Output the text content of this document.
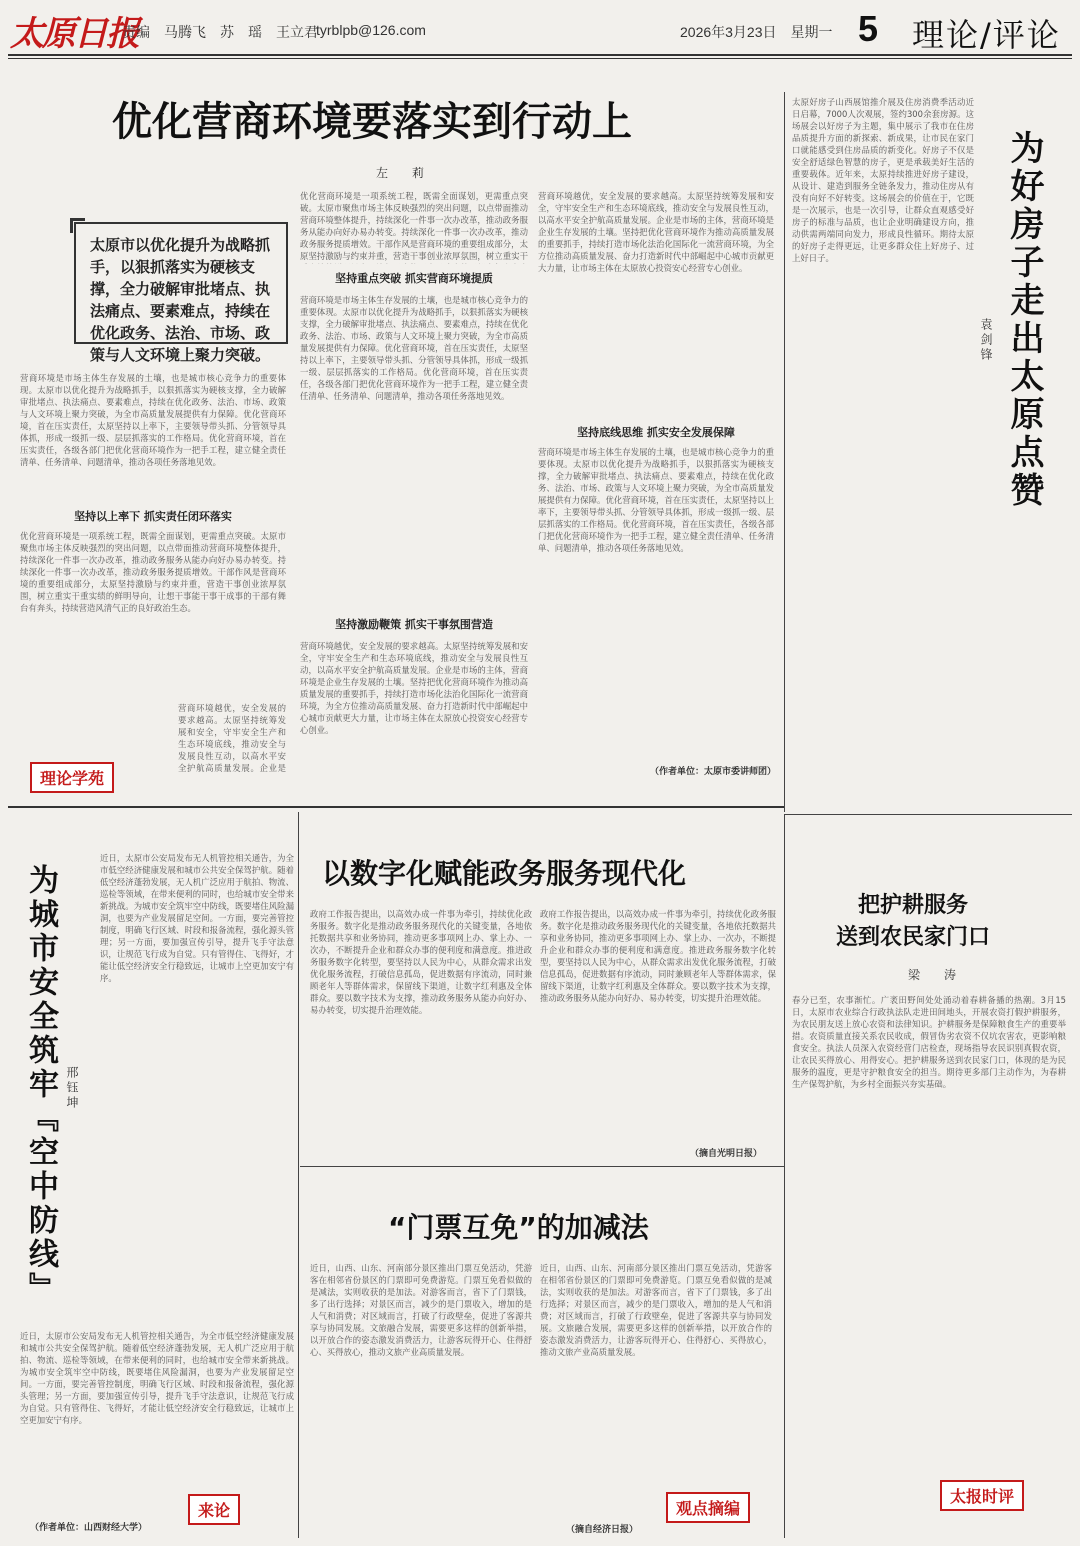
太原日报
责编　马腾飞　苏　瑶　王立君
tyrblpb@126.com	2026年3月23日　星期一 5 理论/评论
优化营商环境要落实到行动上
左　莉
太原市以优化提升为战略抓手，以狠抓落实为硬核支撑，全力破解审批堵点、执法痛点、要素难点，持续在优化政务、法治、市场、政策与人文环境上聚力突破。
营商环境是市场主体生存发展的土壤，也是城市核心竞争力的重要体现。太原市以优化提升为战略抓手，以狠抓落实为硬核支撑，全力破解审批堵点、执法痛点、要素难点，持续在优化政务、法治、市场、政策与人文环境上聚力突破，为全市高质量发展提供有力保障。优化营商环境，首在压实责任，太原坚持以上率下，主要领导带头抓、分管领导具体抓，形成一级抓一级、层层抓落实的工作格局。优化营商环境，首在压实责任，各级各部门把优化营商环境作为一把手工程，建立健全责任清单、任务清单、问题清单，推动各项任务落地见效。
坚持以上率下 抓实责任闭环落实
优化营商环境是一项系统工程，既需全面谋划，更需重点突破。太原市聚焦市场主体反映强烈的突出问题，以点带面推动营商环境整体提升，持续深化一件事一次办改革，推动政务服务从能办向好办易办转变。持续深化一件事一次办改革，推动政务服务提质增效。干部作风是营商环境的重要组成部分，太原坚持激励与约束并重，营造干事创业浓厚氛围，树立重实干重实绩的鲜明导向，让想干事能干事干成事的干部有舞台有奔头，持续营造风清气正的良好政治生态。
营商环境越优，安全发展的要求越高。太原坚持统筹发展和安全，守牢安全生产和生态环境底线，推动安全与发展良性互动，以高水平安全护航高质量发展。企业是
理论学苑
优化营商环境是一项系统工程，既需全面谋划，更需重点突破。太原市聚焦市场主体反映强烈的突出问题，以点带面推动营商环境整体提升，持续深化一件事一次办改革，推动政务服务从能办向好办易办转变。持续深化一件事一次办改革，推动政务服务提质增效。干部作风是营商环境的重要组成部分，太原坚持激励与约束并重，营造干事创业浓厚氛围，树立重实干
坚持重点突破 抓实营商环境提质
营商环境是市场主体生存发展的土壤，也是城市核心竞争力的重要体现。太原市以优化提升为战略抓手，以狠抓落实为硬核支撑，全力破解审批堵点、执法痛点、要素难点，持续在优化政务、法治、市场、政策与人文环境上聚力突破，为全市高质量发展提供有力保障。优化营商环境，首在压实责任，太原坚持以上率下，主要领导带头抓、分管领导具体抓，形成一级抓一级、层层抓落实的工作格局。优化营商环境，首在压实责任，各级各部门把优化营商环境作为一把手工程，建立健全责任清单、任务清单、问题清单，推动各项任务落地见效。
坚持激励鞭策 抓实干事氛围营造
营商环境越优，安全发展的要求越高。太原坚持统筹发展和安全，守牢安全生产和生态环境底线，推动安全与发展良性互动，以高水平安全护航高质量发展。企业是市场的主体，营商环境是企业生存发展的土壤。坚持把优化营商环境作为推动高质量发展的重要抓手，持续打造市场化法治化国际化一流营商环境，为全方位推动高质量发展、奋力打造新时代中部崛起中心城市贡献更大力量，让市场主体在太原放心投资安心经营专心创业。
营商环境越优，安全发展的要求越高。太原坚持统筹发展和安全，守牢安全生产和生态环境底线，推动安全与发展良性互动，以高水平安全护航高质量发展。企业是市场的主体，营商环境是企业生存发展的土壤。坚持把优化营商环境作为推动高质量发展的重要抓手，持续打造市场化法治化国际化一流营商环境，为全方位推动高质量发展、奋力打造新时代中部崛起中心城市贡献更大力量，让市场主体在太原放心投资安心经营专心创业。
坚持底线思维 抓实安全发展保障
营商环境是市场主体生存发展的土壤，也是城市核心竞争力的重要体现。太原市以优化提升为战略抓手，以狠抓落实为硬核支撑，全力破解审批堵点、执法痛点、要素难点，持续在优化政务、法治、市场、政策与人文环境上聚力突破，为全市高质量发展提供有力保障。优化营商环境，首在压实责任，太原坚持以上率下，主要领导带头抓、分管领导具体抓，形成一级抓一级、层层抓落实的工作格局。优化营商环境，首在压实责任，各级各部门把优化营商环境作为一把手工程，建立健全责任清单、任务清单、问题清单，推动各项任务落地见效。
（作者单位：太原市委讲师团）
太原好房子山西展馆推介展及住房消费季活动近日启幕，7000人次观展，签约300余套房源。这场展会以好房子为主题，集中展示了我市在住房品质提升方面的新探索、新成果，让市民在家门口就能感受到住房品质的新变化。好房子不仅是安全舒适绿色智慧的房子，更是承载美好生活的重要载体。近年来，太原持续推进好房子建设，从设计、建造到服务全链条发力，推动住房从有没有向好不好转变。这场展会的价值在于，它既是一次展示，也是一次引导，让群众直观感受好房子的标准与品质，也让企业明确建设方向，推动供需两端同向发力，形成良性循环。期待太原的好房子走得更远，让更多群众住上好房子、过上好日子。	为好房子走出太原点赞
袁剑锋
为城市安全筑牢『空中防线』 邢钰坤
近日，太原市公安局发布无人机管控相关通告，为全市低空经济健康发展和城市公共安全保驾护航。随着低空经济蓬勃发展，无人机广泛应用于航拍、物流、巡检等领域，在带来便利的同时，也给城市安全带来新挑战。为城市安全筑牢空中防线，既要堵住风险漏洞，也要为产业发展留足空间。一方面，要完善管控制度，明确飞行区域、时段和报备流程，强化源头管理；另一方面，要加强宣传引导，提升飞手守法意识，让规范飞行成为自觉。只有管得住、飞得好，才能让低空经济安全行稳致远，让城市上空更加安宁有序。
近日，太原市公安局发布无人机管控相关通告，为全市低空经济健康发展和城市公共安全保驾护航。随着低空经济蓬勃发展，无人机广泛应用于航拍、物流、巡检等领域，在带来便利的同时，也给城市安全带来新挑战。为城市安全筑牢空中防线，既要堵住风险漏洞，也要为产业发展留足空间。一方面，要完善管控制度，明确飞行区域、时段和报备流程，强化源头管理；另一方面，要加强宣传引导，提升飞手守法意识，让规范飞行成为自觉。只有管得住、飞得好，才能让低空经济安全行稳致远，让城市上空更加安宁有序。
来论
（作者单位：山西财经大学）
以数字化赋能政务服务现代化
政府工作报告提出，以高效办成一件事为牵引，持续优化政务服务。数字化是推动政务服务现代化的关键变量，各地依托数据共享和业务协同，推动更多事项网上办、掌上办、一次办，不断提升企业和群众办事的便利度和满意度。推进政务服务数字化转型，要坚持以人民为中心，从群众需求出发优化服务流程，打破信息孤岛，促进数据有序流动，同时兼顾老年人等群体需求，保留线下渠道，让数字红利惠及全体群众。要以数字技术为支撑，推动政务服务从能办向好办、易办转变，切实提升治理效能。
政府工作报告提出，以高效办成一件事为牵引，持续优化政务服务。数字化是推动政务服务现代化的关键变量，各地依托数据共享和业务协同，推动更多事项网上办、掌上办、一次办，不断提升企业和群众办事的便利度和满意度。推进政务服务数字化转型，要坚持以人民为中心，从群众需求出发优化服务流程，打破信息孤岛，促进数据有序流动，同时兼顾老年人等群体需求，保留线下渠道，让数字红利惠及全体群众。要以数字技术为支撑，推动政务服务从能办向好办、易办转变，切实提升治理效能。
（摘自光明日报）
“门票互免”的加减法
近日，山西、山东、河南部分景区推出门票互免活动，凭游客在相邻省份景区的门票即可免费游览。门票互免看似做的是减法，实则收获的是加法。对游客而言，省下了门票钱，多了出行选择；对景区而言，减少的是门票收入，增加的是人气和消费；对区域而言，打破了行政壁垒，促进了客源共享与协同发展。文旅融合发展，需要更多这样的创新举措，以开放合作的姿态激发消费活力，让游客玩得开心、住得舒心、买得放心，推动文旅产业高质量发展。
近日，山西、山东、河南部分景区推出门票互免活动，凭游客在相邻省份景区的门票即可免费游览。门票互免看似做的是减法，实则收获的是加法。对游客而言，省下了门票钱，多了出行选择；对景区而言，减少的是门票收入，增加的是人气和消费；对区域而言，打破了行政壁垒，促进了客源共享与协同发展。文旅融合发展，需要更多这样的创新举措，以开放合作的姿态激发消费活力，让游客玩得开心、住得舒心、买得放心，推动文旅产业高质量发展。
观点摘编
（摘自经济日报）
把护耕服务
送到农民家门口
梁　涛
春分已至，农事渐忙。广袤田野间处处涌动着春耕备播的热潮。3月15日，太原市农业综合行政执法队走进田间地头，开展农资打假护耕服务，为农民朋友送上放心农资和法律知识。护耕服务是保障粮食生产的重要举措。农资质量直接关系农民收成，假冒伪劣农资不仅坑农害农，更影响粮食安全。执法人员深入农资经营门店检查，现场指导农民识别真假农资，让农民买得放心、用得安心。把护耕服务送到农民家门口，体现的是为民服务的温度，更是守护粮食安全的担当。期待更多部门主动作为，为春耕生产保驾护航，为乡村全面振兴夯实基础。
太报时评
